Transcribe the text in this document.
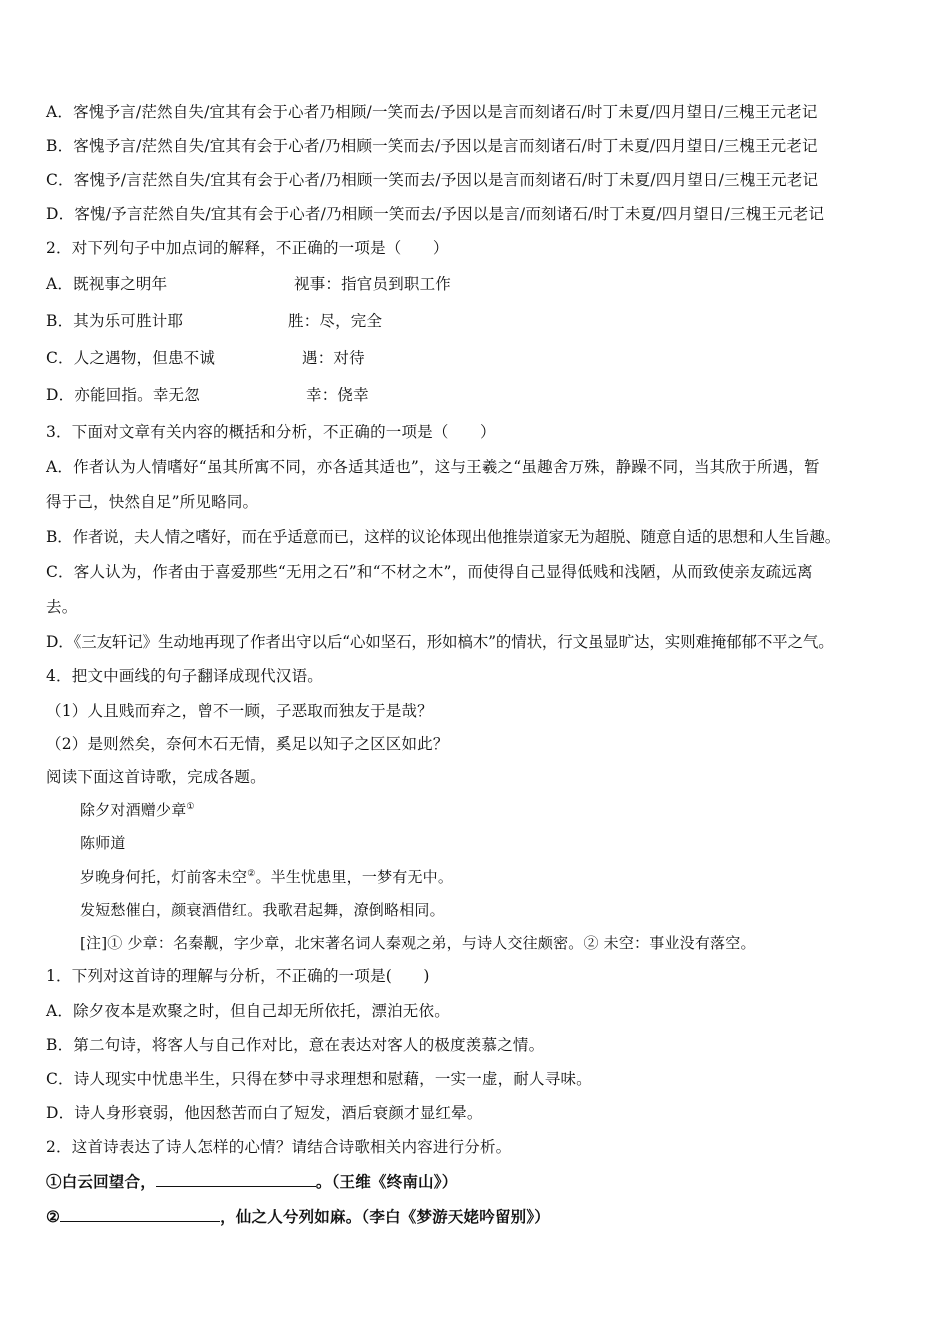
A．客愧予言/茫然自失/宜其有会于心者乃相顾/一笑而去/予因以是言而刻诸石/时丁未夏/四月望日/三槐王元老记
B．客愧予言/茫然自失/宜其有会于心者/乃相顾一笑而去/予因以是言而刻诸石/时丁未夏/四月望日/三槐王元老记
C．客愧予/言茫然自失/宜其有会于心者/乃相顾一笑而去/予因以是言而刻诸石/时丁未夏/四月望日/三槐王元老记
D．客愧/予言茫然自失/宜其有会于心者/乃相顾一笑而去/予因以是言/而刻诸石/时丁未夏/四月望日/三槐王元老记
2．对下列句子中加点词的解释，不正确的一项是（　　）
A．既视事之明年	视事：指官员到职工作
B．其为乐可胜计耶	胜：尽，完全
C．人之遇物，但患不诚	遇：对待
D．亦能回指。幸无忽	幸：侥幸
3．下面对文章有关内容的概括和分析，不正确的一项是（　　）
A．作者认为人情嗜好“虽其所寓不同，亦各适其适也”，这与王羲之“虽趣舍万殊，静躁不同，当其欣于所遇，暂
得于己，快然自足”所见略同。
B．作者说，夫人情之嗜好，而在乎适意而已，这样的议论体现出他推崇道家无为超脱、随意自适的思想和人生旨趣。
C．客人认为，作者由于喜爱那些“无用之石”和“不材之木”，而使得自己显得低贱和浅陋，从而致使亲友疏远离
去。
D．《三友轩记》生动地再现了作者出守以后“心如坚石，形如槁木”的情状，行文虽显旷达，实则难掩郁郁不平之气。
4．把文中画线的句子翻译成现代汉语。
（1）人且贱而弃之，曾不一顾，子恶取而独友于是哉？
（2）是则然矣，奈何木石无情，奚足以知子之区区如此？
阅读下面这首诗歌，完成各题。
除夕对酒赠少章①
陈师道
岁晚身何托，灯前客未空②。半生忧患里，一梦有无中。
发短愁催白，颜衰酒借红。我歌君起舞，潦倒略相同。
[注]① 少章：名秦觏，字少章，北宋著名词人秦观之弟，与诗人交往颇密。② 未空：事业没有落空。
1．下列对这首诗的理解与分析，不正确的一项是(　　)
A．除夕夜本是欢聚之时，但自己却无所依托，漂泊无依。
B．第二句诗，将客人与自己作对比，意在表达对客人的极度羡慕之情。
C．诗人现实中忧患半生，只得在梦中寻求理想和慰藉，一实一虚，耐人寻味。
D．诗人身形衰弱，他因愁苦而白了短发，酒后衰颜才显红晕。
2．这首诗表达了诗人怎样的心情？请结合诗歌相关内容进行分析。
①白云回望合，	。（王维《终南山》）
②	，仙之人兮列如麻。（李白《梦游天姥吟留别》）
